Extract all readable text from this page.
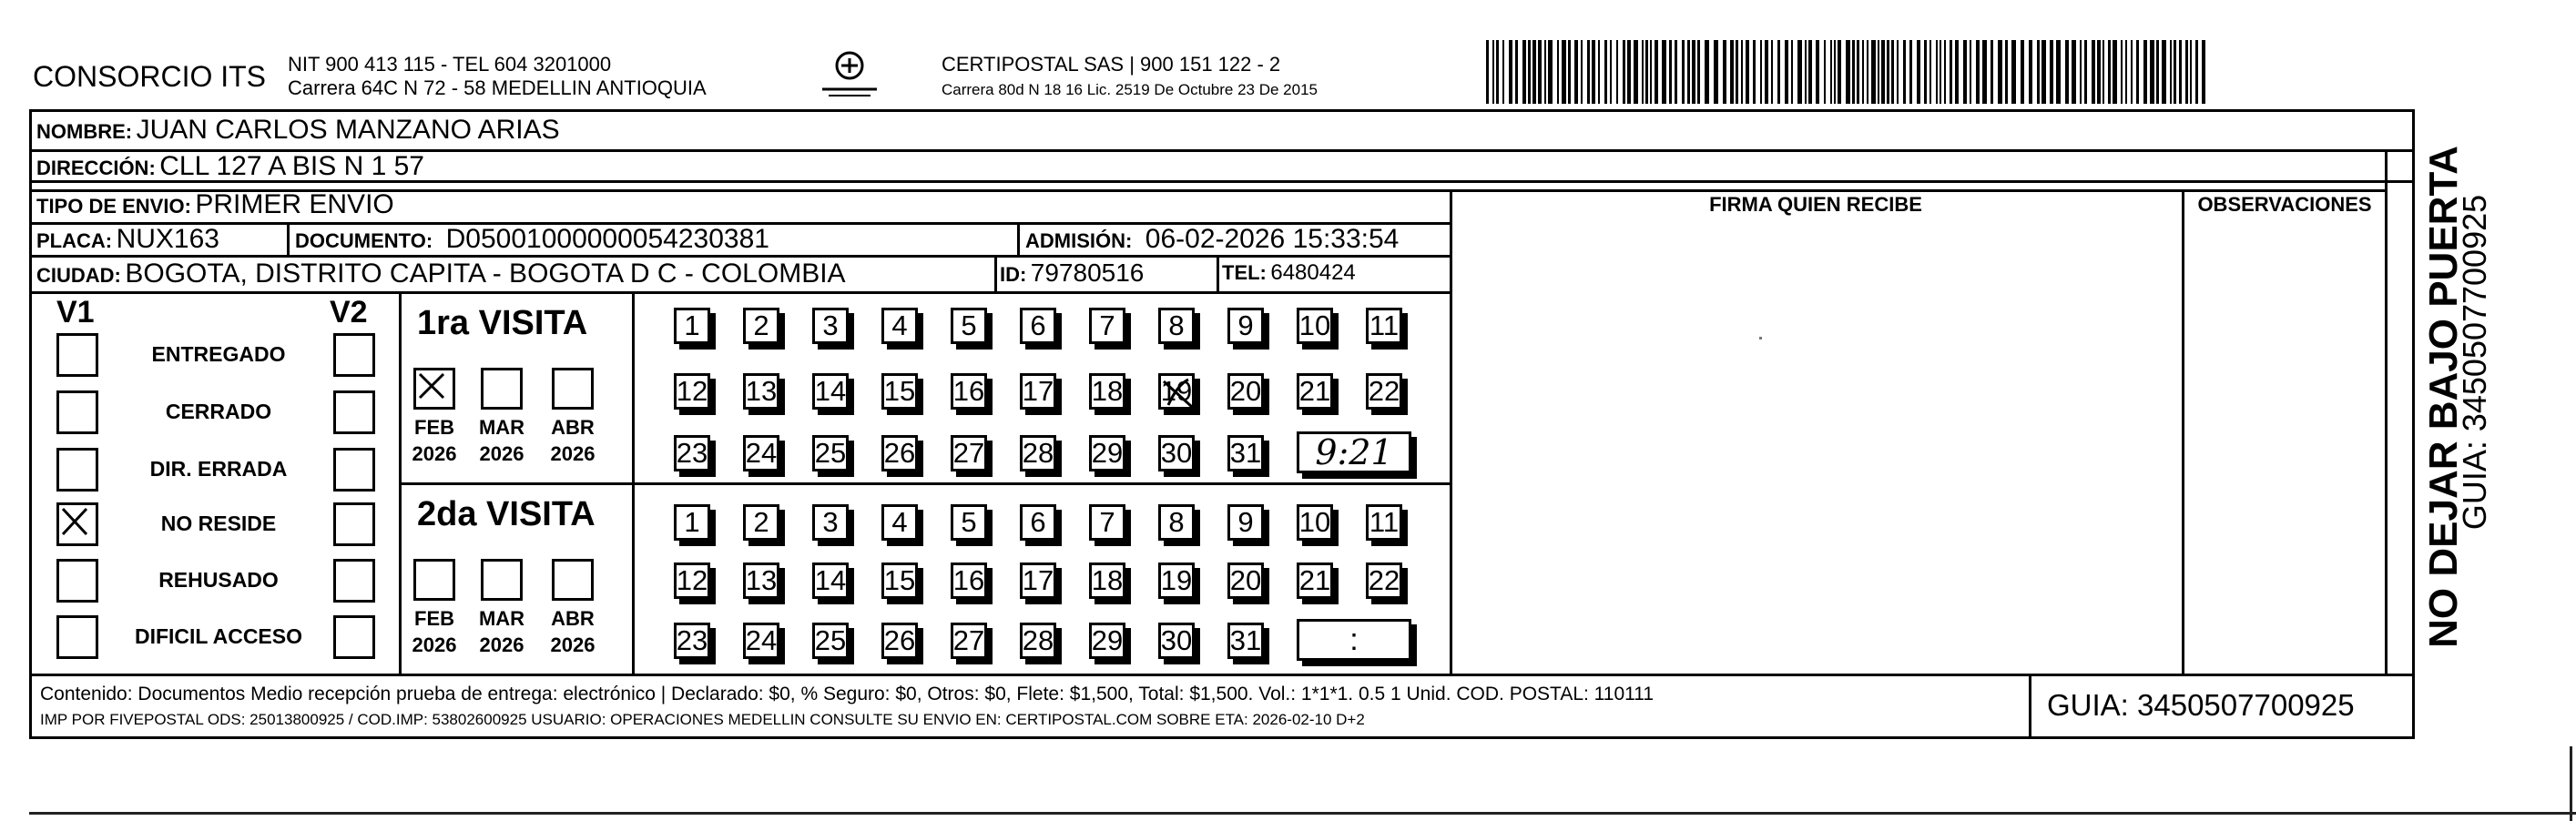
CONSORCIO ITS NIT 900 413 115 - TEL 604 3201000
Carrera 64C N 72 - 58 MEDELLIN ANTIOQUIA
CERTIPOSTAL SAS | 900 151 122 - 2
Carrera 80d N 18 16 Lic. 2519 De Octubre 23 De 2015
NOMBRE: JUAN CARLOS MANZANO ARIAS
DIRECCIÓN: CLL 127 A BIS N 1 57
TIPO DE ENVIO: PRIMER ENVIO	FIRMA QUIEN RECIBE	OBSERVACIONES
PLACA: NUX163	DOCUMENTO: D05001000000054230381	ADMISIÓN: 06-02-2026 15:33:54
CIUDAD: BOGOTA, DISTRITO CAPITA - BOGOTA D C - COLOMBIA	ID: 79780516	TEL: 6480424
V1	V2
ENTREGADO
CERRADO
DIR. ERRADA
NO RESIDE
REHUSADO
DIFICIL ACCESO
1ra VISITA
FEB
2026
MAR
2026
ABR
2026
1 2 3 4 5 6 7 8 9 10 11
12 13 14 15 16 17 18 19 20 21 22
23 24 25 26 27 28 29 30 31 9:21
2da VISITA
FEB
2026
MAR
2026
ABR
2026
1 2 3 4 5 6 7 8 9 10 11
12 13 14 15 16 17 18 19 20 21 22
23 24 25 26 27 28 29 30 31	:
Contenido: Documentos Medio recepción prueba de entrega: electrónico | Declarado: $0, % Seguro: $0, Otros: $0, Flete: $1,500, Total: $1,500. Vol.: 1*1*1. 0.5 1 Unid. COD. POSTAL: 110111
IMP POR FIVEPOSTAL ODS: 25013800925 / COD.IMP: 53802600925 USUARIO: OPERACIONES MEDELLIN CONSULTE SU ENVIO EN: CERTIPOSTAL.COM SOBRE ETA: 2026-02-10 D+2	GUIA: 3450507700925
NO DEJAR BAJO PUERTA
GUIA: 3450507700925
